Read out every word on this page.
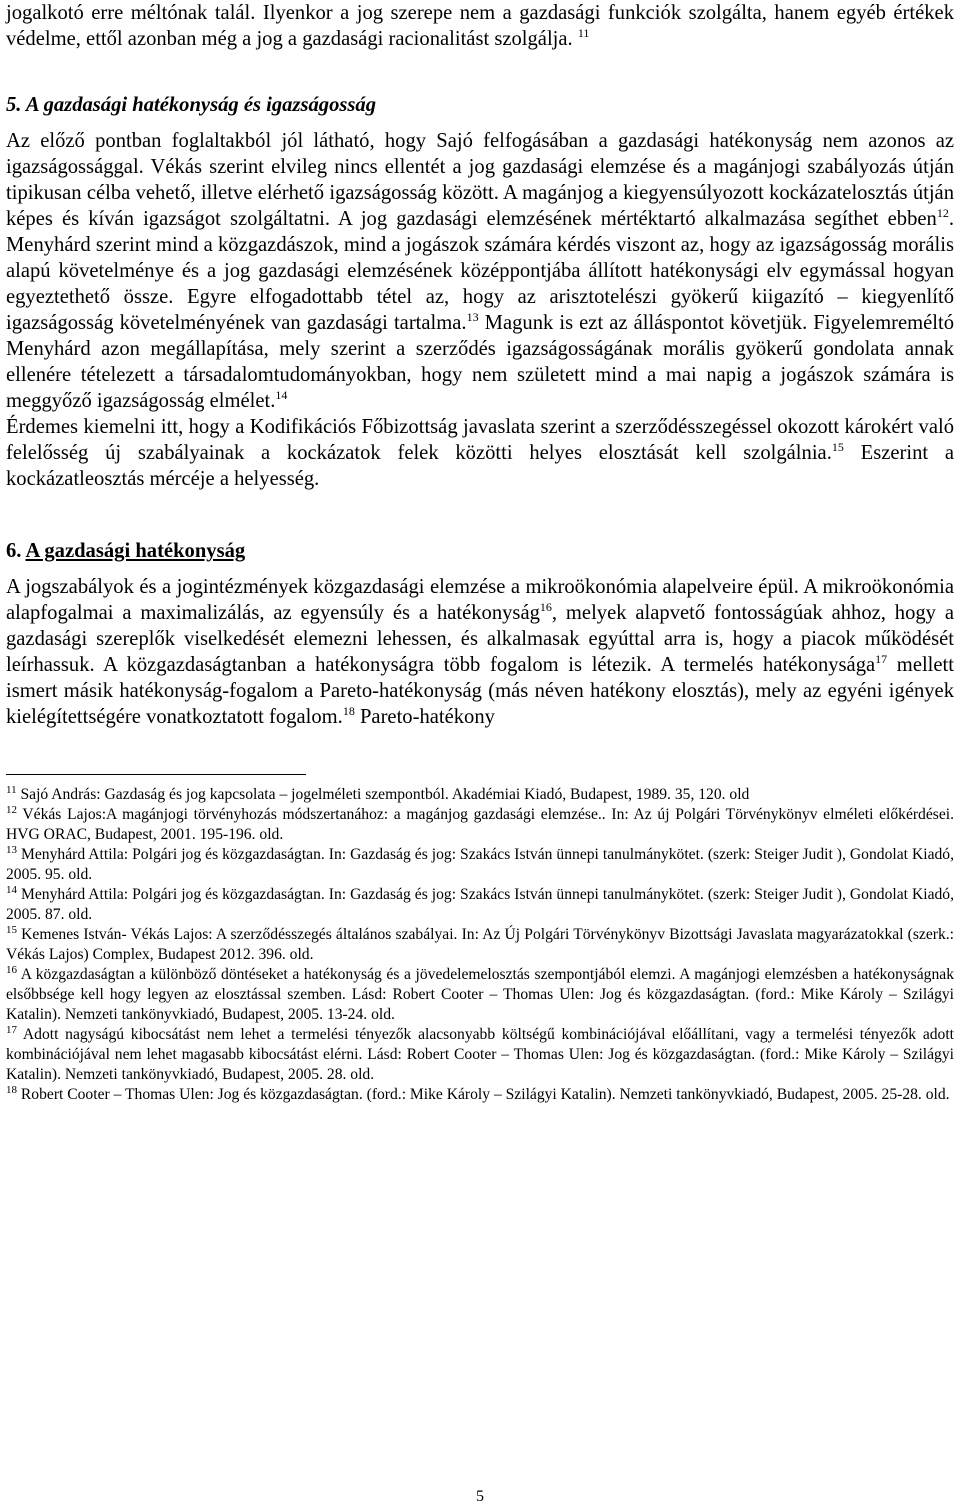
jogalkotó erre méltónak talál. Ilyenkor a jog szerepe nem a gazdasági funkciók szolgálta, hanem egyéb értékek védelme, ettől azonban még a jog a gazdasági racionalitást szolgálja. $^{11}$

5. A gazdasági hatékonyság és igazságosság

Az előző pontban foglaltakból jól látható, hogy Sajó felfogásában a gazdasági hatékonyság nem azonos az igazságossággal. Vékás szerint elvileg nincs ellentét a jog gazdasági elemzése és a magánjogi szabályozás útján tipikusan célba vehető, illetve elérhető igazságosság között. A magánjog a kiegyensúlyozott kockázatelosztás útján képes és kíván igazságot szolgáltatni. A jog gazdasági elemzésének mértéktartó alkalmazása segíthet ebben$^{12}$. Menyhárd szerint mind a közgazdászok, mind a jogászok számára kérdés viszont az, hogy az igazságosság morális alapú követelménye és a jog gazdasági elemzésének középpontjába állított hatékonysági elv egymással hogyan egyeztethető össze. Egyre elfogadottabb tétel az, hogy az arisztotelészi gyökerű kiigazító – kiegyenlítő igazságosság követelményének van gazdasági tartalma.$^{13}$ Magunk is ezt az álláspontot követjük. Figyelemreméltó Menyhárd azon megállapítása, mely szerint a szerződés igazságosságának morális gyökerű gondolata annak ellenére tételezett a társadalomtudományokban, hogy nem született mind a mai napig a jogászok számára is meggyőző igazságosság elmélet.$^{14}$

Érdemes kiemelni itt, hogy a Kodifikációs Főbizottság javaslata szerint a szerződésszegéssel okozott károkért való felelősség új szabályainak a kockázatok felek közötti helyes elosztását kell szolgálnia.$^{15}$ Eszerint a kockázatleosztás mércéje a helyesség.

6. A gazdasági hatékonyság

A jogszabályok és a jogintézmények közgazdasági elemzése a mikroökonómia alapelveire épül. A mikroökonómia alapfogalmai a maximalizálás, az egyensúly és a hatékonyság$^{16}$, melyek alapvető fontosságúak ahhoz, hogy a gazdasági szereplők viselkedését elemezni lehessen, és alkalmasak egyúttal arra is, hogy a piacok működését leírhassuk. A közgazdaságtanban a hatékonyságra több fogalom is létezik. A termelés hatékonysága$^{17}$ mellett ismert másik hatékonyság-fogalom a Pareto-hatékonyság (más néven hatékony elosztás), mely az egyéni igények kielégítettségére vonatkoztatott fogalom.$^{18}$ Pareto-hatékony

$^{11}$ Sajó András: Gazdaság és jog kapcsolata – jogelméleti szempontból. Akadémiai Kiadó, Budapest, 1989. 35, 120. old

$^{12}$ Vékás Lajos:A magánjogi törvényhozás módszertanához: a magánjog gazdasági elemzése.. In: Az új Polgári Törvénykönyv elméleti előkérdései. HVG ORAC, Budapest, 2001. 195-196. old.

$^{13}$ Menyhárd Attila: Polgári jog és közgazdaságtan. In: Gazdaság és jog: Szakács István ünnepi tanulmánykötet. (szerk: Steiger Judit ), Gondolat Kiadó, 2005. 95. old.

$^{14}$ Menyhárd Attila: Polgári jog és közgazdaságtan. In: Gazdaság és jog: Szakács István ünnepi tanulmánykötet. (szerk: Steiger Judit ), Gondolat Kiadó, 2005. 87. old.

$^{15}$ Kemenes István- Vékás Lajos: A szerződésszegés általános szabályai. In: Az Új Polgári Törvénykönyv Bizottsági Javaslata magyarázatokkal (szerk.: Vékás Lajos) Complex, Budapest 2012. 396. old.

$^{16}$ A közgazdaságtan a különböző döntéseket a hatékonyság és a jövedelemelosztás szempontjából elemzi. A magánjogi elemzésben a hatékonyságnak elsőbbsége kell hogy legyen az elosztással szemben. Lásd: Robert Cooter – Thomas Ulen: Jog és közgazdaságtan. (ford.: Mike Károly – Szilágyi Katalin). Nemzeti tankönyvkiadó, Budapest, 2005. 13-24. old.

$^{17}$ Adott nagyságú kibocsátást nem lehet a termelési tényezők alacsonyabb költségű kombinációjával előállítani, vagy a termelési tényezők adott kombinációjával nem lehet magasabb kibocsátást elérni. Lásd: Robert Cooter – Thomas Ulen: Jog és közgazdaságtan. (ford.: Mike Károly – Szilágyi Katalin). Nemzeti tankönyvkiadó, Budapest, 2005. 28. old.

$^{18}$ Robert Cooter – Thomas Ulen: Jog és közgazdaságtan. (ford.: Mike Károly – Szilágyi Katalin). Nemzeti tankönyvkiadó, Budapest, 2005. 25-28. old.

5
